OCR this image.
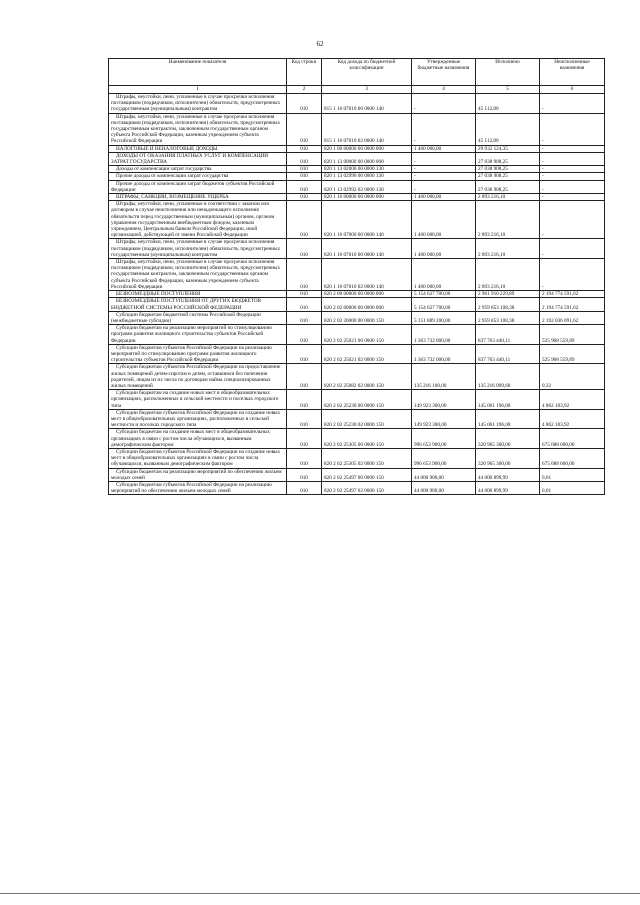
62
Наименование показателя	Код строки	Код дохода по бюджетной классификации	Утвержденные бюджетные назначения	Исполнено	Неисполненные назначения
1	2	3	4	5	6
Штрафы, неустойки, пени, уплаченные в случае просрочки исполнения поставщиком (подрядчиком, исполнителем) обязательств, предусмотренных государственным (муниципальным) контрактом	010	815 1 16 07010 00 0000 140	-	45 112,80	-
Штрафы, неустойки, пени, уплаченные в случае просрочки исполнения поставщиком (подрядчиком, исполнителем) обязательств, предусмотренных государственным контрактом, заключенным государственным органом субъекта Российской Федерации, казенным учреждением субъекта Российской Федерации	010	815 1 16 07010 02 0000 140	-	45 112,80	-
НАЛОГОВЫЕ И НЕНАЛОГОВЫЕ ДОХОДЫ	010	820 1 00 00000 00 0000 000	1 400 000,00	29 932 124,35	-
ДОХОДЫ ОТ ОКАЗАНИЯ ПЛАТНЫХ УСЛУГ И КОМПЕНСАЦИИ ЗАТРАТ ГОСУДАРСТВА	010	820 1 13 00000 00 0000 000	-	27 038 908,25	-
Доходы от компенсации затрат государства	010	820 1 13 02000 00 0000 130	-	27 038 908,25	-
Прочие доходы от компенсации затрат государства	010	820 1 13 02990 00 0000 130	-	27 038 908,25	-
Прочие доходы от компенсации затрат бюджетов субъектов Российской Федерации	010	820 1 13 02992 02 0000 130	-	27 038 908,25	-
ШТРАФЫ, САНКЦИИ, ВОЗМЕЩЕНИЕ УЩЕРБА	010	820 1 16 00000 00 0000 000	1 400 000,00	2 893 216,10	-
Штрафы, неустойки, пени, уплаченные в соответствии с законом или договором в случае неисполнения или ненадлежащего исполнения обязательств перед государственным (муниципальным) органом, органом управления государственным внебюджетным фондом, казенным учреждением, Центральным банком Российской Федерации, иной организацией, действующей от имени Российской Федерации	010	820 1 16 07000 00 0000 140	1 400 000,00	2 893 216,10	-
Штрафы, неустойки, пени, уплаченные в случае просрочки исполнения поставщиком (подрядчиком, исполнителем) обязательств, предусмотренных государственным (муниципальным) контрактом	010	820 1 16 07010 00 0000 140	1 400 000,00	2 893 216,10	-
Штрафы, неустойки, пени, уплаченные в случае просрочки исполнения поставщиком (подрядчиком, исполнителем) обязательств, предусмотренных государственным контрактом, заключенным государственным органом субъекта Российской Федерации, казенным учреждением субъекта Российской Федерации	010	820 1 16 07010 02 0000 140	1 400 000,00	2 893 216,10	-
БЕЗВОЗМЕЗДНЫЕ ПОСТУПЛЕНИЯ	010	820 2 00 00000 00 0000 000	5 154 627 700,00	2 961 910 229,89	2 194 774 591,62
БЕЗВОЗМЕЗДНЫЕ ПОСТУПЛЕНИЯ ОТ ДРУГИХ БЮДЖЕТОВ БЮДЖЕТНОЙ СИСТЕМЫ РОССИЙСКОЙ ФЕДЕРАЦИИ	010	820 2 02 00000 00 0000 000	5 154 627 700,00	2 959 853 108,38	2 194 774 591,62
Субсидии бюджетам бюджетной системы Российской Федерации (межбюджетные субсидии)	010	820 2 02 20000 00 0000 150	5 151 889 200,00	2 959 853 108,38	2 192 036 091,62
Субсидии бюджетам на реализацию мероприятий по стимулированию программ развития жилищного строительства субъектов Российской Федерации	010	820 2 02 25021 00 0000 150	1 363 732 000,00	837 763 440,11	525 968 559,89
Субсидии бюджетам субъектов Российской Федерации на реализацию мероприятий по стимулированию программ развития жилищного строительства субъектов Российской Федерации	010	820 2 02 25021 02 0000 150	1 363 732 000,00	837 763 440,11	525 968 559,89
Субсидии бюджетам субъектов Российской Федерации на предоставление жилых помещений детям-сиротам и детям, оставшимся без попечения родителей, лицам из их числа по договорам найма специализированных жилых помещений	010	820 2 02 25082 02 0000 150	135 216 100,00	135 216 099,68	0,32
Субсидии бюджетам на создание новых мест в общеобразовательных организациях, расположенных в сельской местности и поселках городского типа	010	820 2 02 25230 00 0000 150	149 923 300,00	145 061 196,08	4 862 103,92
Субсидии бюджетам субъектов Российской Федерации на создание новых мест в общеобразовательных организациях, расположенных в сельской местности и поселках городского типа	010	820 2 02 25230 02 0000 150	149 923 300,00	145 061 196,08	4 862 103,92
Субсидии бюджетам на создание новых мест в общеобразовательных организациях в связи с ростом числа обучающихся, вызванным демографическим фактором	010	820 2 02 25305 00 0000 150	996 653 900,00	320 965 300,00	675 688 600,00
Субсидии бюджетам субъектов Российской Федерации на создание новых мест в общеобразовательных организациях в связи с ростом числа обучающихся, вызванным демографическим фактором	010	820 2 02 25305 02 0000 150	996 653 900,00	320 965 300,00	675 688 600,00
Субсидии бюджетам на реализацию мероприятий по обеспечению жильем молодых семей	010	820 2 02 25497 00 0000 150	44 000 900,00	44 000 899,99	0,01
Субсидии бюджетам субъектов Российской Федерации на реализацию мероприятий по обеспечению жильем молодых семей	010	820 2 02 25497 02 0000 150	44 000 900,00	44 000 899,99	0,01
